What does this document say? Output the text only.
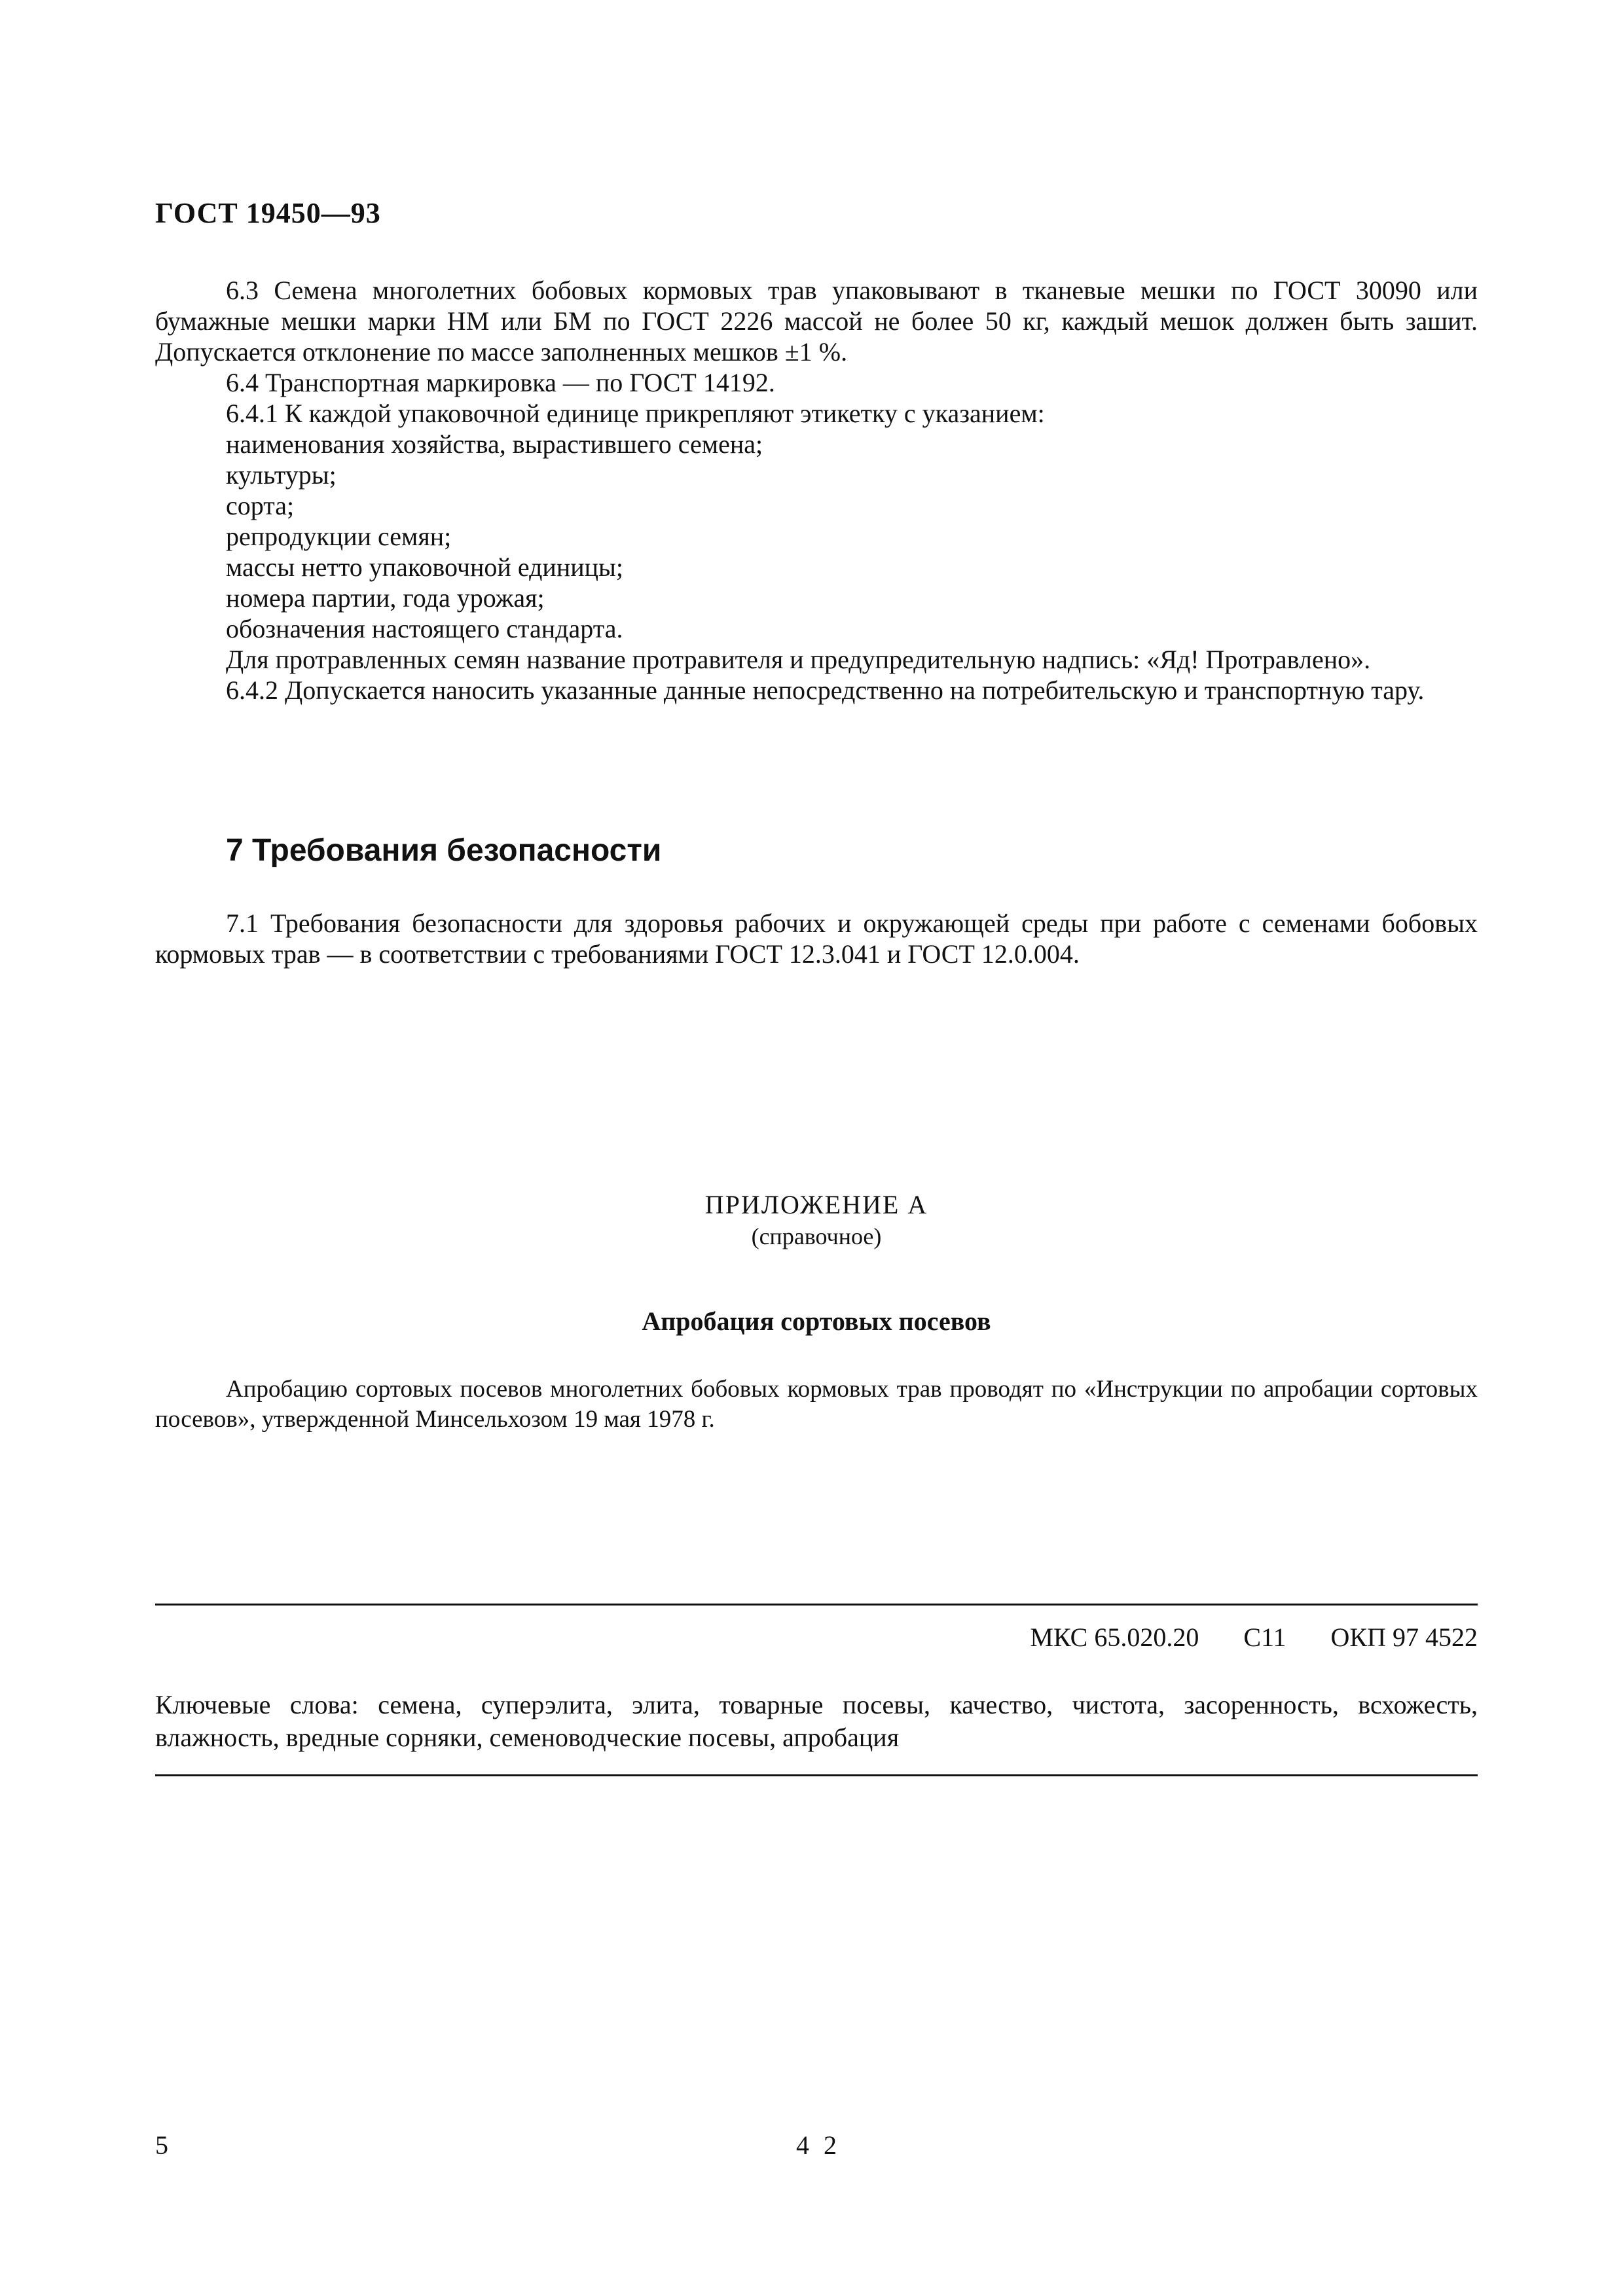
ГОСТ 19450—93

6.3 Семена многолетних бобовых кормовых трав упаковывают в тканевые мешки по ГОСТ 30090 или бумажные мешки марки НМ или БМ по ГОСТ 2226 массой не более 50 кг, каждый мешок должен быть зашит. Допускается отклонение по массе заполненных мешков ±1 %.

6.4 Транспортная маркировка — по ГОСТ 14192.

6.4.1 К каждой упаковочной единице прикрепляют этикетку с указанием:

наименования хозяйства, вырастившего семена;

культуры;

сорта;

репродукции семян;

массы нетто упаковочной единицы;

номера партии, года урожая;

обозначения настоящего стандарта.

Для протравленных семян название протравителя и предупредительную надпись: «Яд! Протравлено».

6.4.2 Допускается наносить указанные данные непосредственно на потребительскую и транспортную тару.

7 Требования безопасности

7.1 Требования безопасности для здоровья рабочих и окружающей среды при работе с семенами бобовых кормовых трав — в соответствии с требованиями ГОСТ 12.3.041 и ГОСТ 12.0.004.

ПРИЛОЖЕНИЕ А
(справочное)
Апробация сортовых посевов

Апробацию сортовых посевов многолетних бобовых кормовых трав проводят по «Инструкции по апробации сортовых посевов», утвержденной Минсельхозом 19 мая 1978 г.

МКС 65.020.20 С11 ОКП 97 4522

Ключевые слова: семена, суперэлита, элита, товарные посевы, качество, чистота, засоренность, всхожесть, влажность, вредные сорняки, семеноводческие посевы, апробация

5	4 2
